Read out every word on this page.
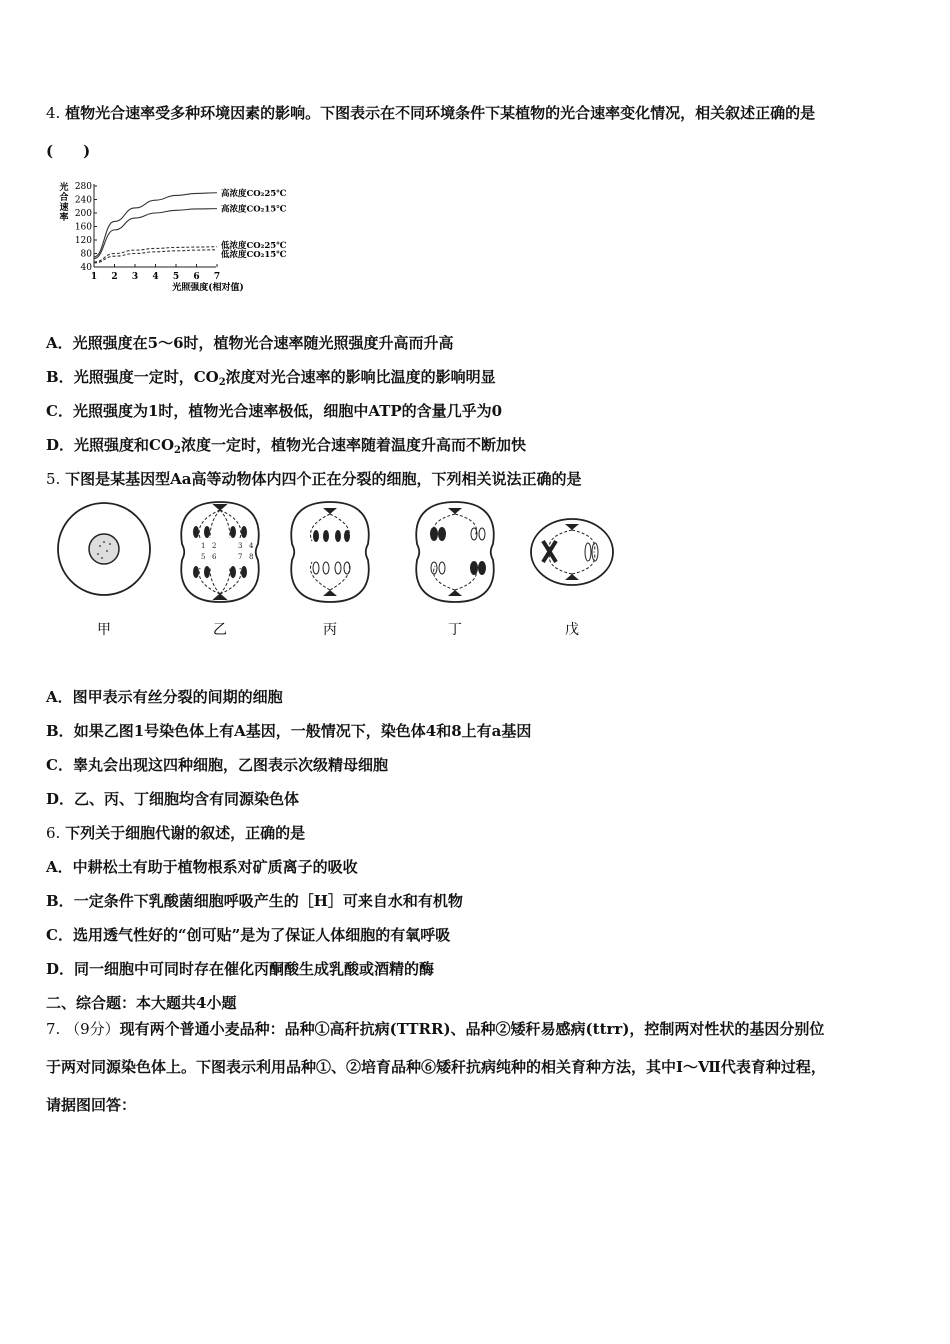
4. 植物光合速率受多种环境因素的影响。下图表示在不同环境条件下某植物的光合速率变化情况，相关叙述正确的是
(　　)
光
合
速
率
280
240
200
160
120
80
40
1 2 3 4 5 6 7
高浓度CO₂25℃
高浓度CO₂15℃
低浓度CO₂25℃
低浓度CO₂15℃
光照强度(相对值)
A．光照强度在5～6时，植物光合速率随光照强度升高而升高
B．光照强度一定时，$CO_2$浓度对光合速率的影响比温度的影响明显
C．光照强度为1时，植物光合速率极低，细胞中ATP的含量几乎为0
D．光照强度和$CO_2$浓度一定时，植物光合速率随着温度升高而不断加快
5. 下图是某基因型Aa高等动物体内四个正在分裂的细胞，下列相关说法正确的是
1 2	3 4
5 6	7 8
甲	乙	丙	丁	戊
A．图甲表示有丝分裂的间期的细胞
B．如果乙图1号染色体上有A基因，一般情况下，染色体4和8上有a基因
C．睾丸会出现这四种细胞，乙图表示次级精母细胞
D．乙、丙、丁细胞均含有同源染色体
6. 下列关于细胞代谢的叙述，正确的是
A．中耕松土有助于植物根系对矿质离子的吸收
B．一定条件下乳酸菌细胞呼吸产生的［H］可来自水和有机物
C．选用透气性好的“创可贴”是为了保证人体细胞的有氧呼吸
D．同一细胞中可同时存在催化丙酮酸生成乳酸或酒精的酶
二、综合题：本大题共4小题
7. （9分）现有两个普通小麦品种：品种①高秆抗病(TTRR)、品种②矮秆易感病(ttrr)，控制两对性状的基因分别位
于两对同源染色体上。下图表示利用品种①、②培育品种⑥矮秆抗病纯种的相关育种方法，其中Ⅰ～Ⅶ代表育种过程，
请据图回答：
